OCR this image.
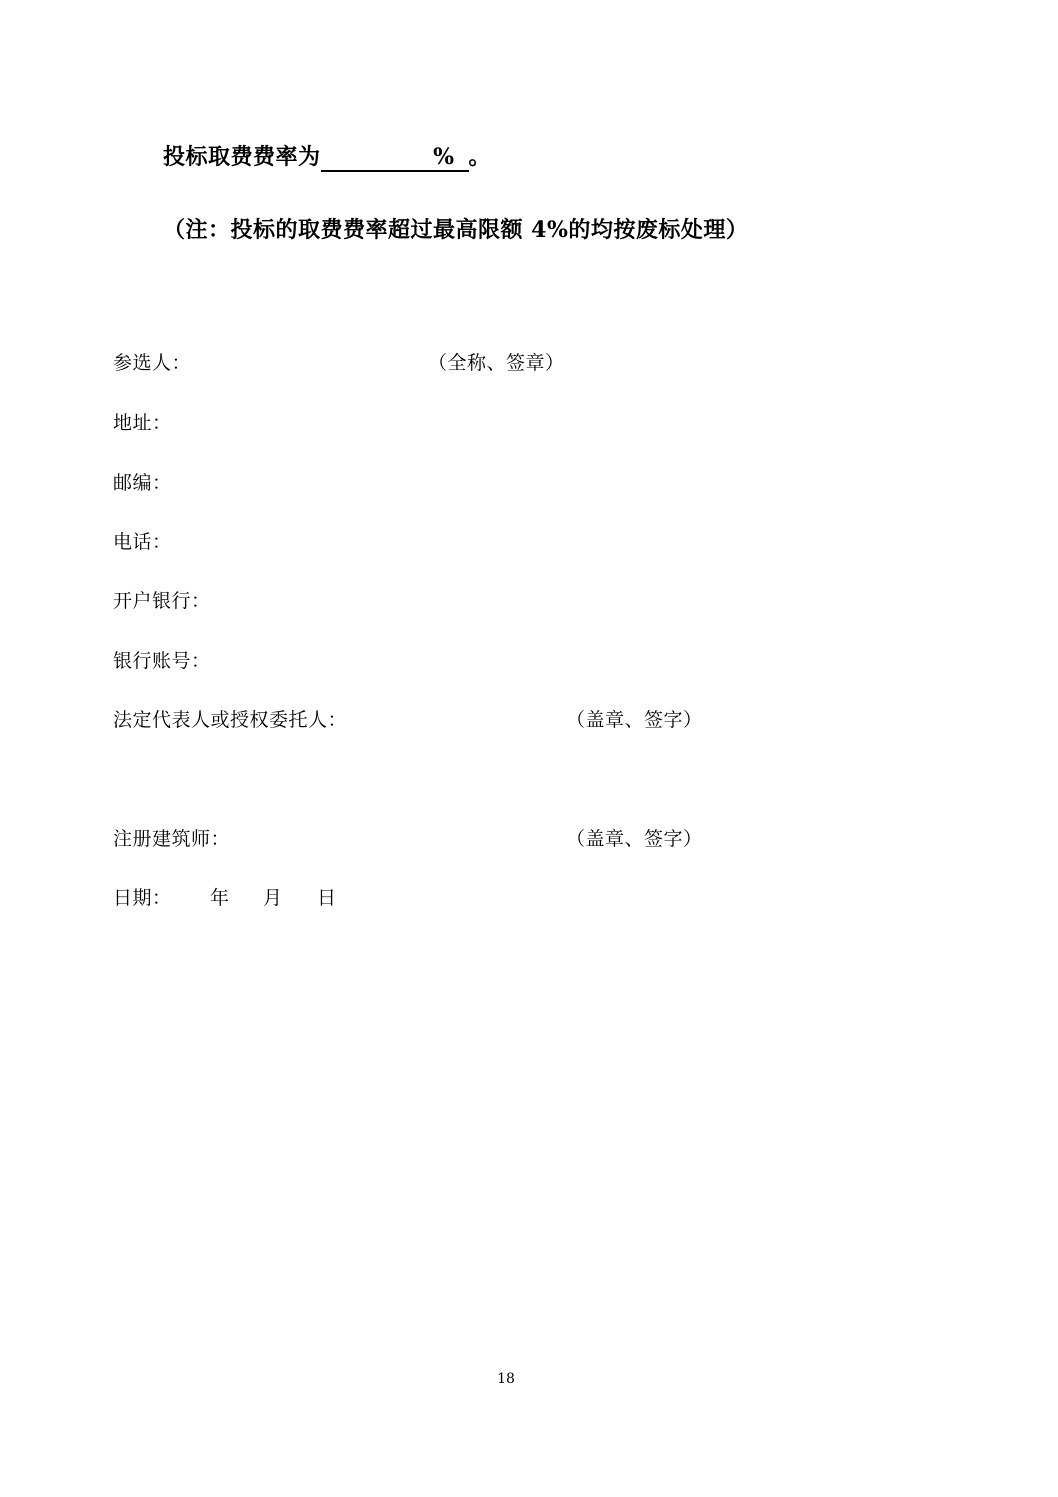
投标取费费率为	% 。
（注：投标的取费费率超过最高限额 4%的均按废标处理）
参选人：	（全称、签章）
地址：
邮编：
电话：
开户银行：
银行账号：
法定代表人或授权委托人：	（盖章、签字）
注册建筑师：	（盖章、签字）
日期： 年 月 日
18
